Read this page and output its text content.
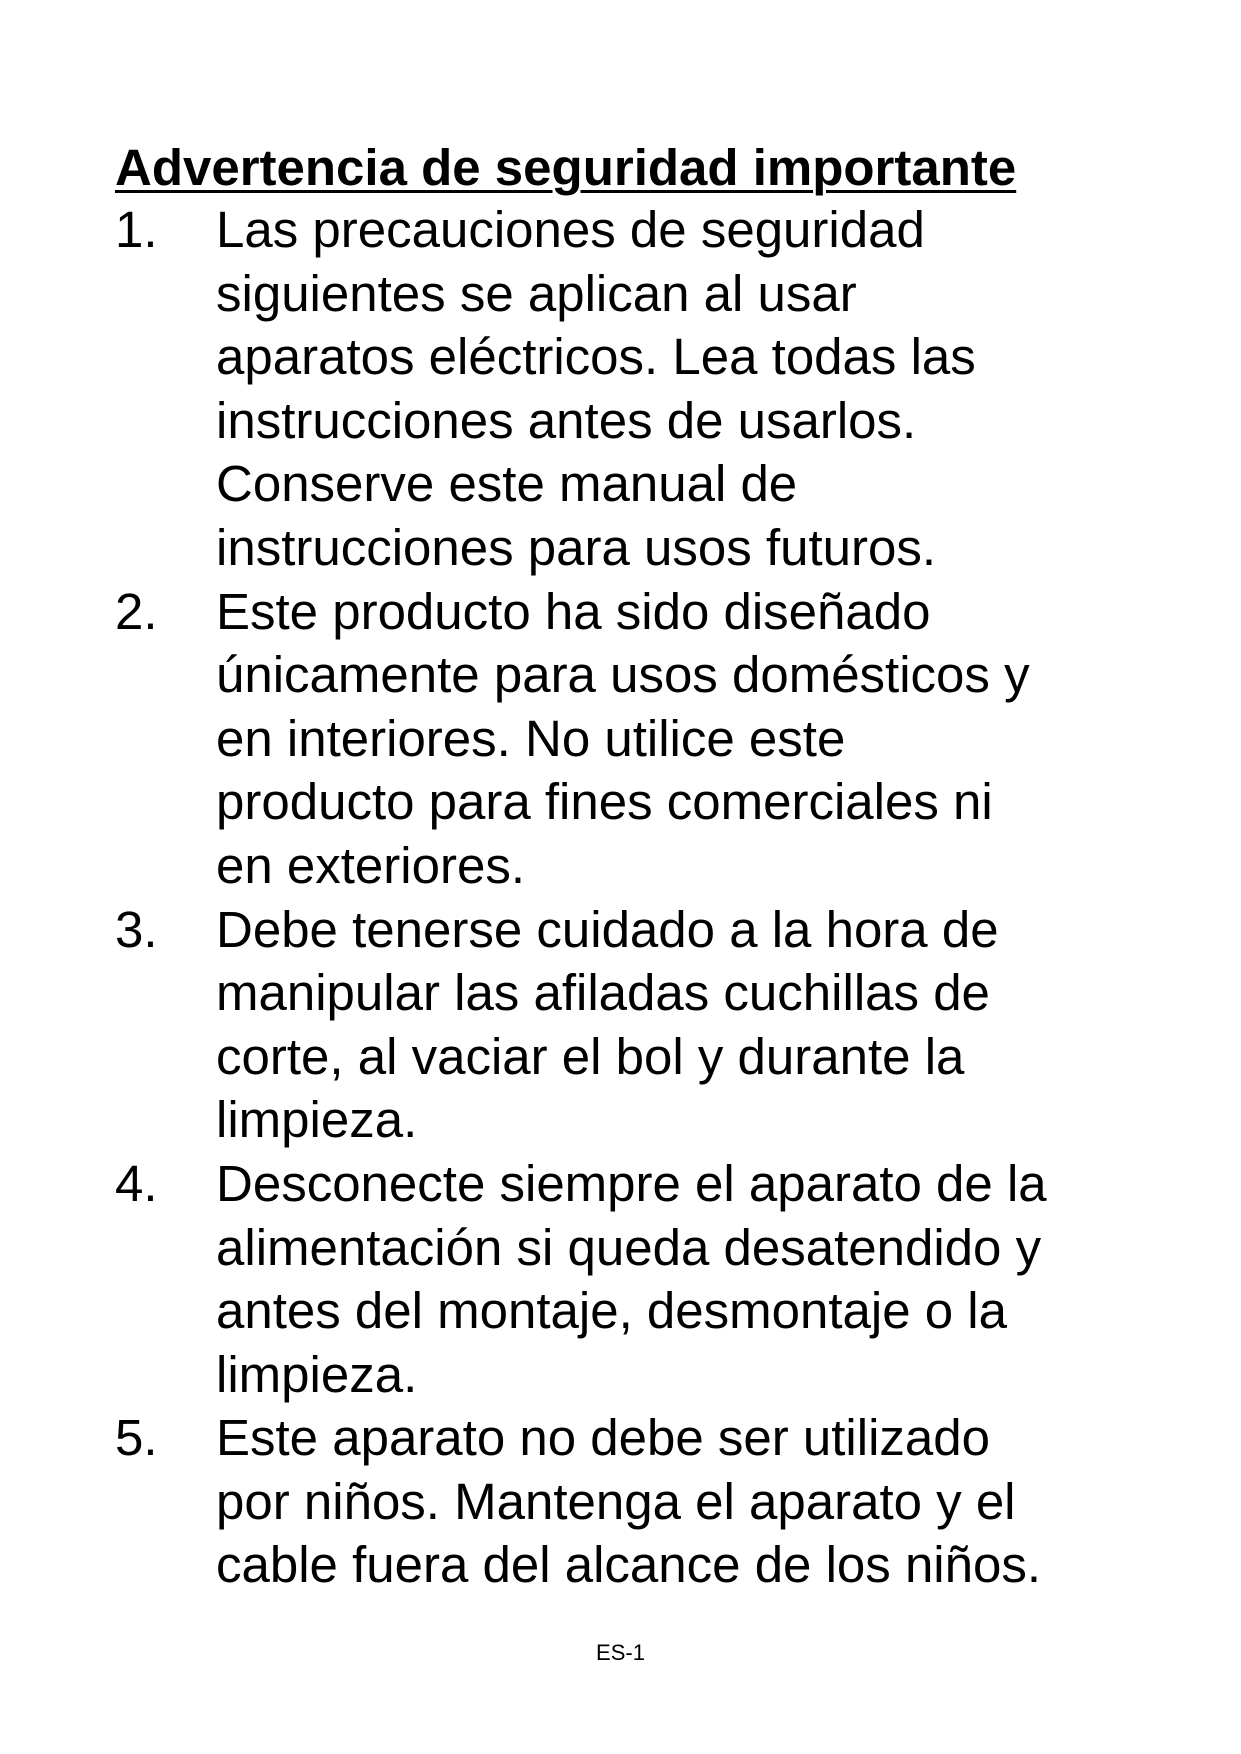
Advertencia de seguridad importante
1. Las precauciones de seguridad
siguientes se aplican al usar
aparatos eléctricos. Lea todas las
instrucciones antes de usarlos.
Conserve este manual de
instrucciones para usos futuros.
2. Este producto ha sido diseñado
únicamente para usos domésticos y
en interiores. No utilice este
producto para fines comerciales ni
en exteriores.
3. Debe tenerse cuidado a la hora de
manipular las afiladas cuchillas de
corte, al vaciar el bol y durante la
limpieza.
4. Desconecte siempre el aparato de la
alimentación si queda desatendido y
antes del montaje, desmontaje o la
limpieza.
5. Este aparato no debe ser utilizado
por niños. Mantenga el aparato y el
cable fuera del alcance de los niños.
ES-1
